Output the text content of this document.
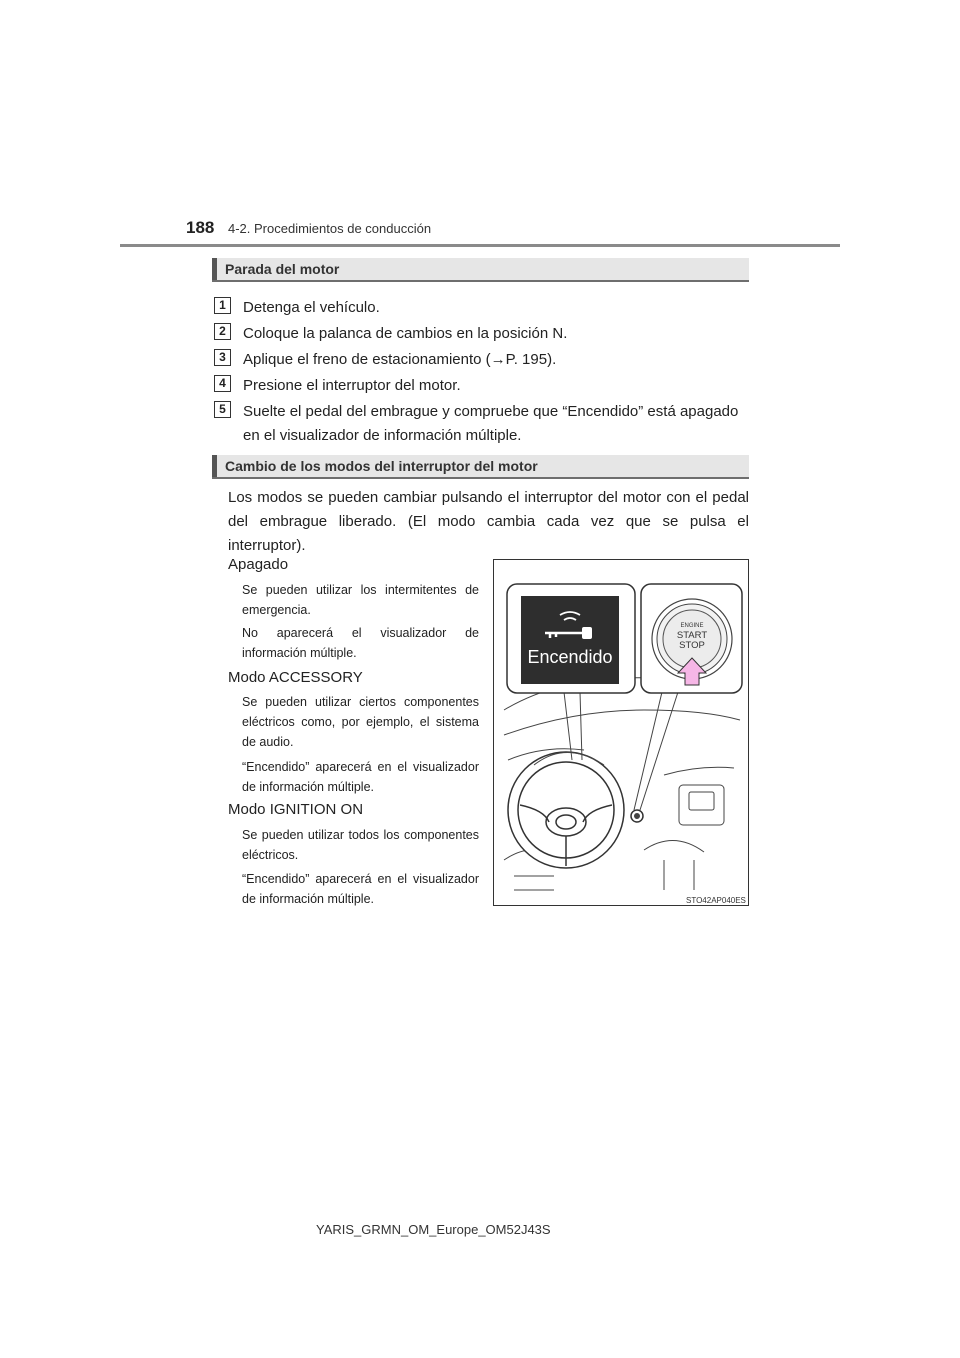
188 4-2. Procedimientos de conducción
Parada del motor
1	Detenga el vehículo.
2	Coloque la palanca de cambios en la posición N.
3	Aplique el freno de estacionamiento (→P. 195).
4	Presione el interruptor del motor.
5	Suelte el pedal del embrague y compruebe que “Encendido” está apagado en el visualizador de información múltiple.
Cambio de los modos del interruptor del motor
Los modos se pueden cambiar pulsando el interruptor del motor con el pedal del embrague liberado. (El modo cambia cada vez que se pulsa el interruptor).
Apagado
Se pueden utilizar los intermitentes de emergencia.
No aparecerá el visualizador de información múltiple.
Modo ACCESSORY
Se pueden utilizar ciertos componentes eléctricos como, por ejemplo, el sistema de audio.
“Encendido” aparecerá en el visualizador de información múltiple.
Modo IGNITION ON
Se pueden utilizar todos los componentes eléctricos.
“Encendido” aparecerá en el visualizador de información múltiple.
Encendido
ENGINE
START
STOP
STO42AP040ES
YARIS_GRMN_OM_Europe_OM52J43S
